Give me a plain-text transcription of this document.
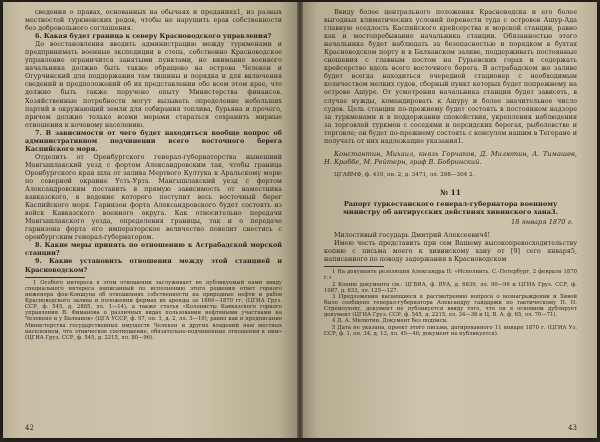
сведения о правах, основанных на обычаях и преданиях1, из разных местностей туркменских родов, чтобы не нарушить ерав собственности без добровольного соглашения.

6. Какая будет граница к северу Красноводского управления?

До восстановления вводить администрацию между туркменами и предпринимать военные экспедиции в степь, собственно Красноводское управление ограничится занятыми пунктами, но внимание военного начальника должно быть также обращено на острова Челекен и Огурчинский для поддержания там тишины и порядка и для включения сведений и предположений об их представлении обо всем этом крае, что должно быть также поручено опыту Министерства финансов. Хозяйственные потребности могут вызывать определение небольших партий в окружающий земли для собирания топлива, бурьяна и прочего, причем должно только всеми мерами стараться сохранить мирные отношения к кочевому населению.

7. В зависимости от чего будет находиться вообще вопрос об административном подчинении всего восточного берега Каспийского моря.

Отделить от Оренбургского генерал-губернаторства нынешний Мангышлакский уезд с фортом Александровским так, чтобы граница Оренбургского края шла от залива Мертвого Култука к Аральскому морю по северной окраине Усть-Урта. Мангышлакский уезд с фортом Александровским поставить в прямую зависимость от наместника кавказского, в ведение которого поступит весь восточный берег Каспийского моря. Гарнизон форта Александровского будет состоять из войск Кавказского военного округа. Как относительно передачи Мангышлакского уезда, определения границы, так и о передаче гарнизона форта его императорское величество повелит снестись с оренбургским генерал-губернатором.

8. Какие меры принять по отношению к Астрабадской морской станции?

9. Какие установить отношения между этой станцией и Красноводском?

1 Особого интереса в этом отношении заслуживает не публикуемый нами ввиду специального интереса написанный по исполнению этого решения ответ горного инженера фон-Коншуна об отношениях собственности на природные нефти и рабов Красноводского залива и положении фермах их аренды за 1869—1870 гг. (ЦГИА Груз. ССР, ф. 545, д. 2885, лл. 1—14), а также статья «Колонисты Кавказского горного управления В. Фиманова о различных видах пользовании нефтяными участками на Челекене и у Балханов» (ЦГА УССР, ф. 97, оп. 1, д. 2, лл. 3—10), равно как и предписание Министерства государственных имуществ Челекен и других владений нам местных населением, что этническое соотношение, обязательно-подчиненные отношения к ним» (ЦГИА Груз. ССР, ф. 545, д. 2215, лл. 80—96).

42

Ввиду более центрального положения Красноводска и его более выгодных климатических условий перенести туда с островов Ашур-Ада главную оседлость Каспийского крейсерства и морской станции, равно как и местопребывание начальника станции. Обязанностью этого начальника будет наблюдать за безопасностью и порядком в бухтах Красноводском порту и в Балханском заливе, поддерживать постоянные сношения с главным постом на Гурьевских горах и содержать крейсерство вдоль всего восточного берега. В астрабадском же заливе будет всегда находиться очередной стационер с необходимым количеством мелких судов, сборный пункт которых будет попрежнему на острове Ашуре. От усмотрения начальника станции будет зависеть, в случае нужды, командировать к Ашуру и более значительное число судов. Цель станции по-прежнему будет состоять в постоянном надзоре за туркменами и в поддержании спокойствия, укрепления наблюдения за торговлей туркмен с соседями и персидских берегах, рыболовстве и торговле; он будет по-прежнему состоять с консулом нашим в Тегеране и получать от них надлежащие указания1.

Константин, Михаил, князь Горчаков, Д. Милютин, А. Тимашев, Н. Краббе, М. Рейтерн, граф В. Бобринский.

ЦГАВМФ, ф. 410, оп. 2, д. 3471, лл. 298—304 2.

№ 11
Рапорт туркестанского генерал-губернатора военному министру об антирусских действиях хивинского хана3.
18 января 1870 г.

Милостивый государь Дмитрий Алексеевич4!

Имею честь представить при сем Вашему высокопревосходительству копию с письма моего к хивинскому хану от [9] сего января5, написанного по поводу задержания в Красноводском

1 На документе резолюция Александра II: «Исполнить. С.-Петербург, 2 февраля 1870 г.»

2 Копию документа см.: ЦГВИА, ф. ВУА, д. 6839, лл. 90—96 и ЦГИА Груз. ССР, ф. 1087, д. 633, лл. 125—127.

3 Предложения касающиеся к рассмотрению вопроса о вознаграждении и Хивой было сообщено генерал-губернатора Александру гайдаржи по тактическому П. Н. Стремоухову, документ не публикуется ввиду того, что он в основном дублирует документ (ЦГИА Груз. ССР, ф. 545, д. 2215, лл. 34—36 и Ц. В. А. ф. 65, лл. 70—71).

4 Д. А. Милютин. Документ без подписи.

5 Дата не указана, проект этого письма, датированного 11 января 1870 г. (ЦГИА Уз. ССР, ф. 1, оп. 34, д. 13, лл. 45—46; документ не публикуется).

43
